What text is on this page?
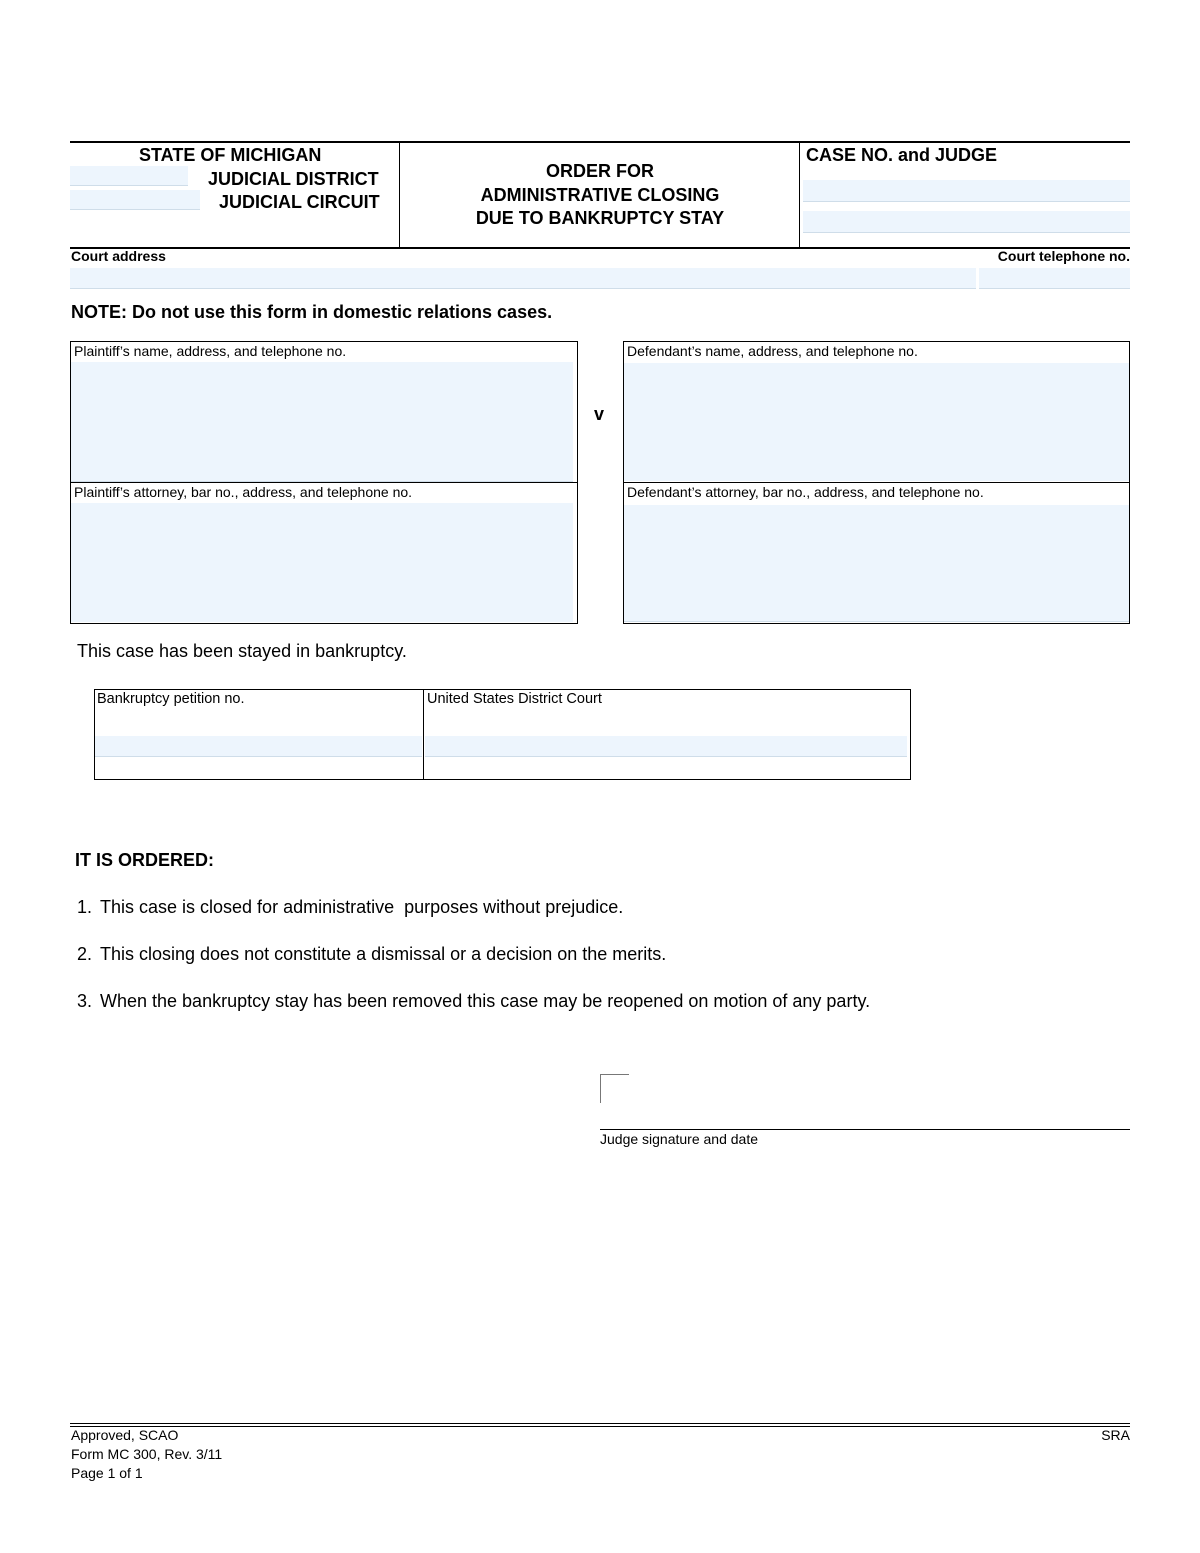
STATE OF MICHIGAN
JUDICIAL DISTRICT
JUDICIAL CIRCUIT
ORDER FOR
ADMINISTRATIVE CLOSING
DUE TO BANKRUPTCY STAY
CASE NO. and JUDGE
Court address	Court telephone no.
NOTE: Do not use this form in domestic relations cases.
Plaintiff’s name, address, and telephone no.
Plaintiff’s attorney, bar no., address, and telephone no.
v
Defendant’s name, address, and telephone no.
Defendant’s attorney, bar no., address, and telephone no.
This case has been stayed in bankruptcy.
Bankruptcy petition no.	United States District Court
IT IS ORDERED:
1. This case is closed for administrative  purposes without prejudice.
2. This closing does not constitute a dismissal or a decision on the merits.
3. When the bankruptcy stay has been removed this case may be reopened on motion of any party.
Judge signature and date
Approved, SCAO
Form MC 300, Rev. 3/11
Page 1 of 1
SRA
